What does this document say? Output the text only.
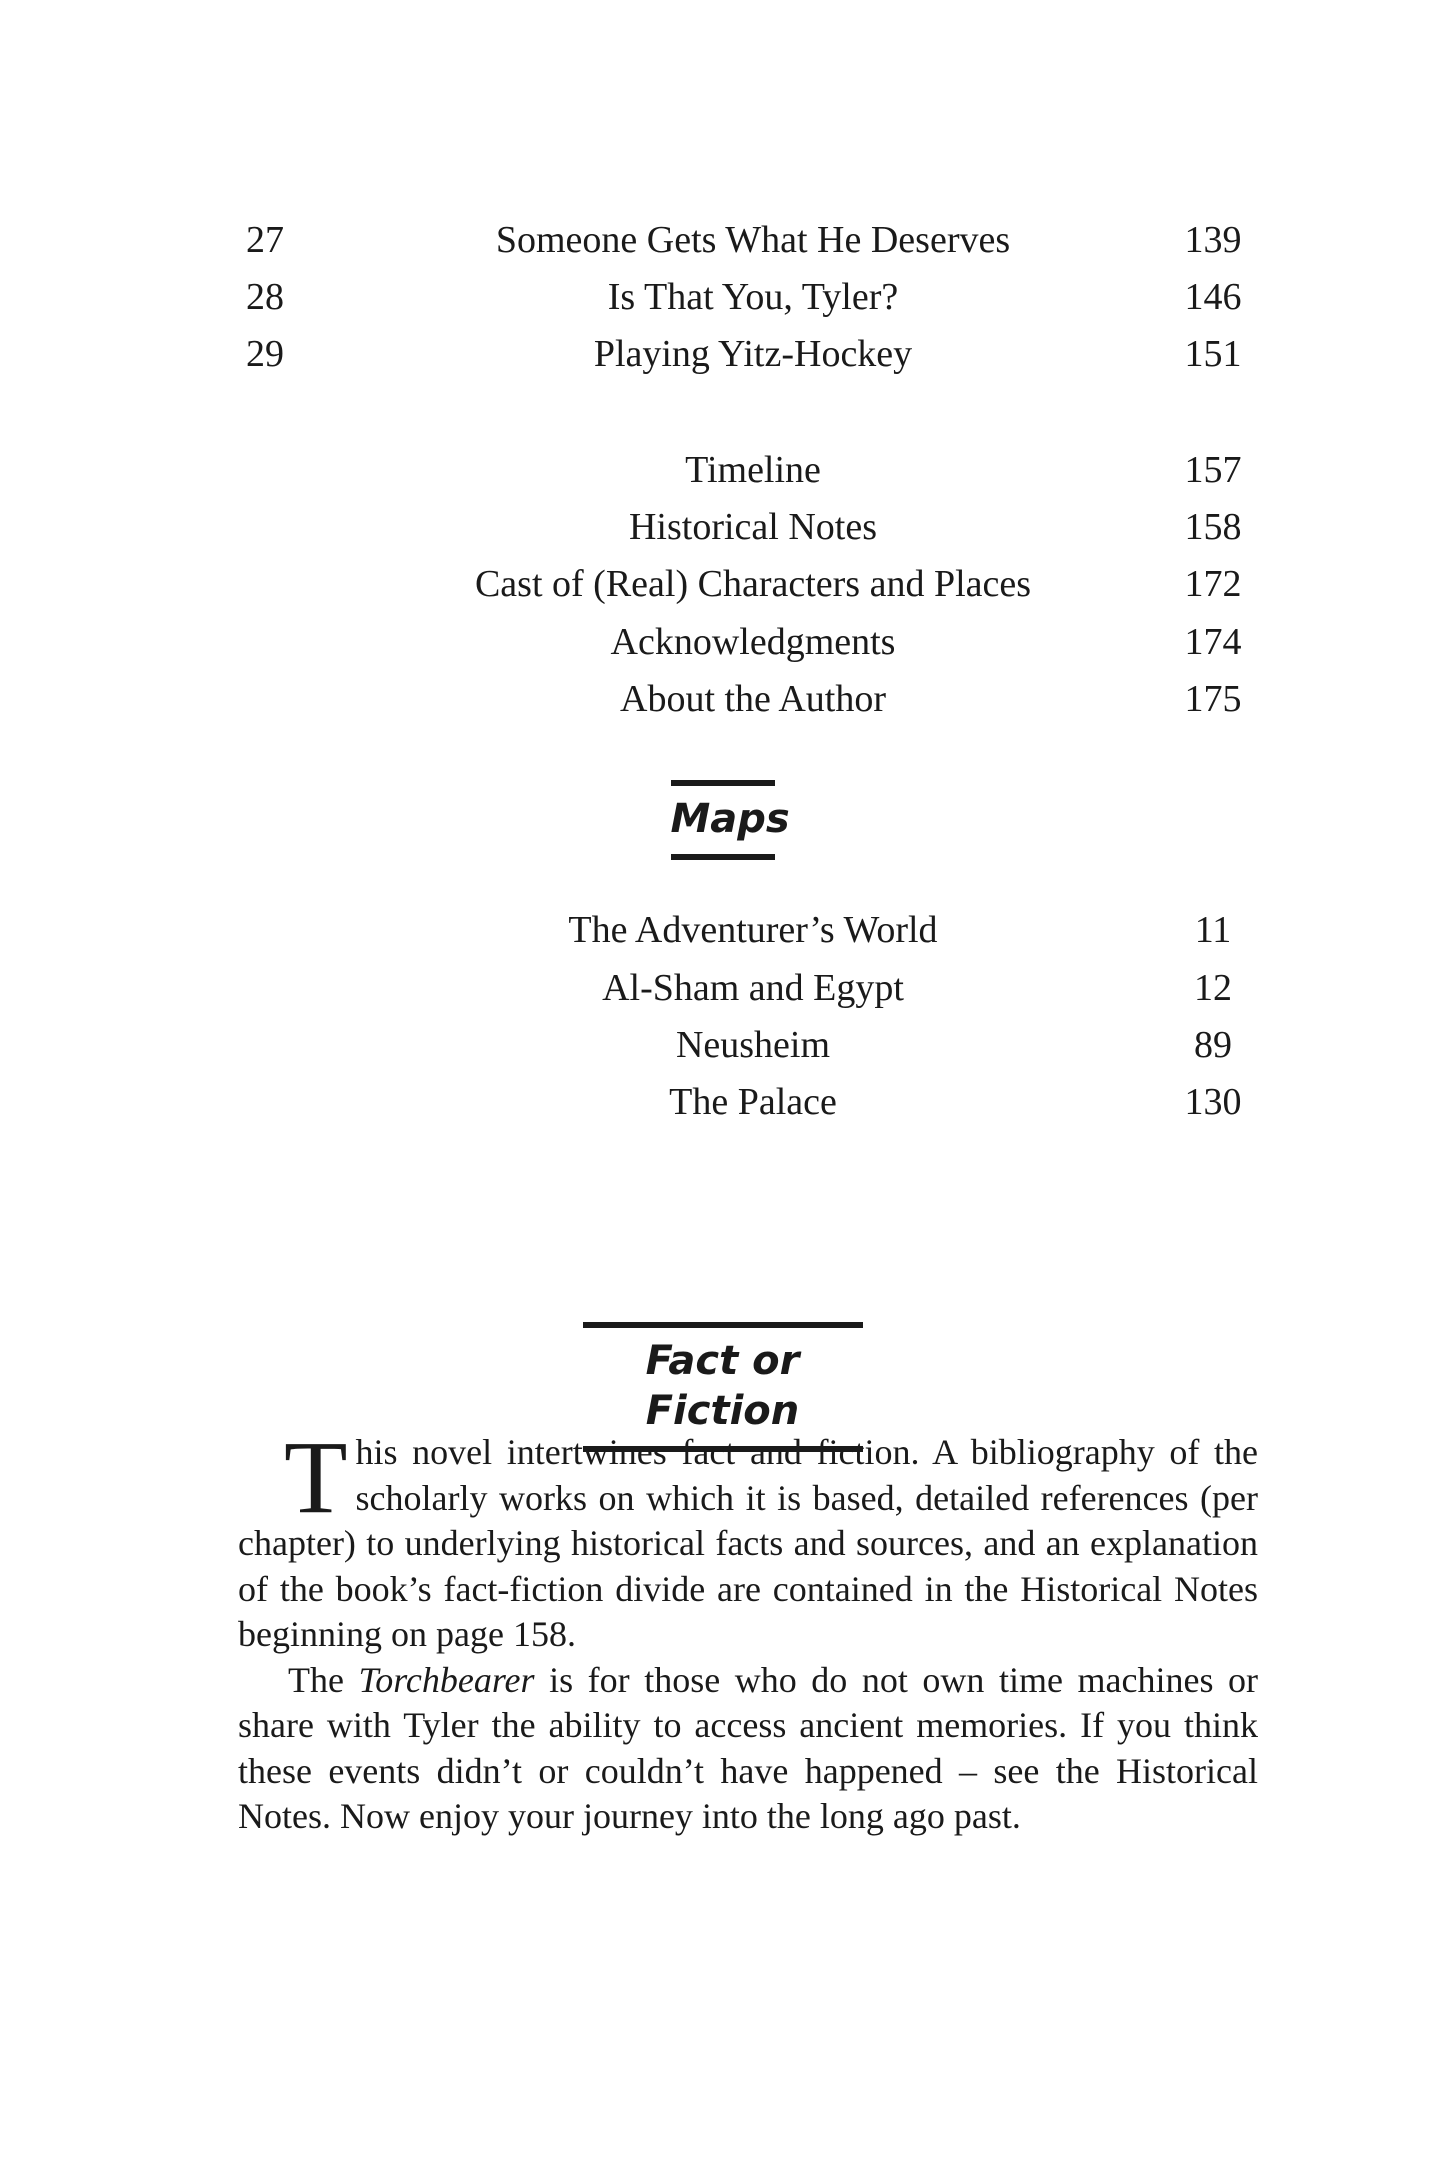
27	Someone Gets What He Deserves	139
28	Is That You, Tyler?	146
29	Playing Yitz-Hockey	151
Timeline	157
Historical Notes	158
Cast of (Real) Characters and Places	172
Acknowledgments	174
About the Author	175
Maps
The Adventurer’s World	11
Al-Sham and Egypt	12
Neusheim	89
The Palace	130
Fact or Fiction

This novel intertwines fact and fiction. A bibliography of the scholarly works on which it is based, detailed references (per chapter) to underlying historical facts and sources, and an explanation of the book’s fact-fiction divide are contained in the Historical Notes beginning on page 158.

The Torchbearer is for those who do not own time machines or share with Tyler the ability to access ancient memories. If you think these events didn’t or couldn’t have happened – see the Historical Notes. Now enjoy your journey into the long ago past.
